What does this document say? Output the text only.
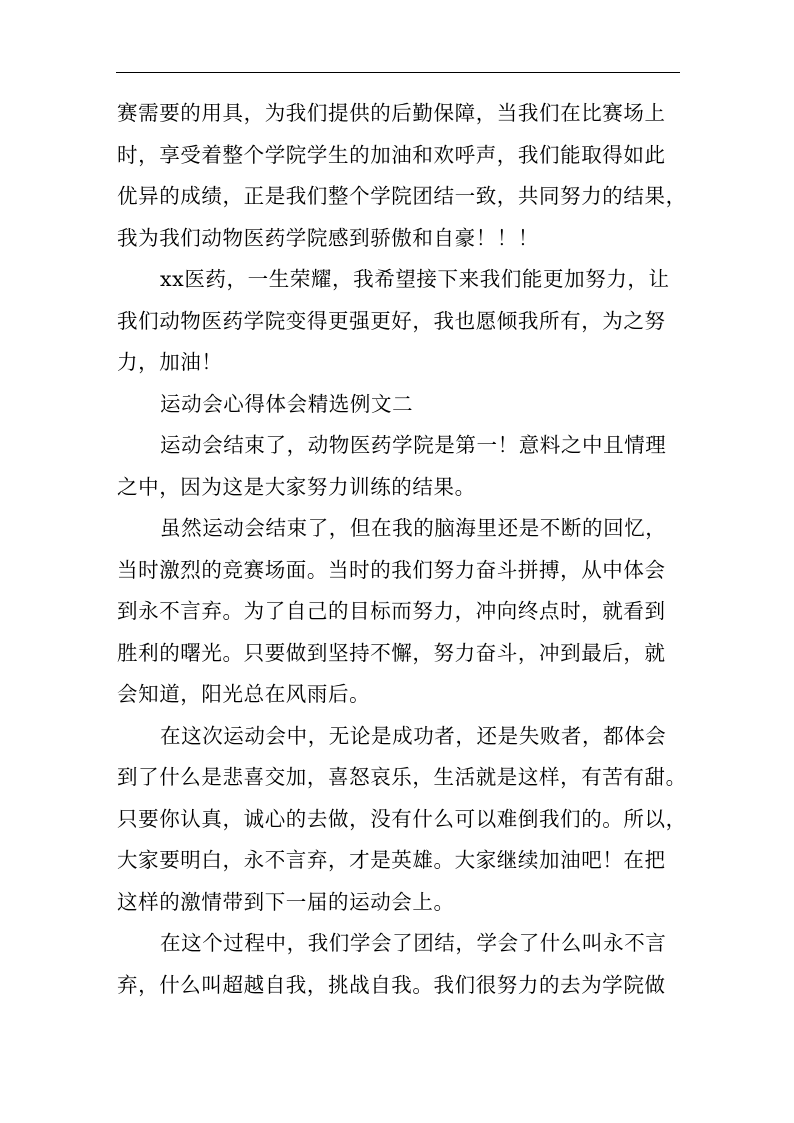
赛需要的用具，为我们提供的后勤保障，当我们在比赛场上
时，享受着整个学院学生的加油和欢呼声，我们能取得如此
优异的成绩，正是我们整个学院团结一致，共同努力的结果，
我为我们动物医药学院感到骄傲和自豪！！！
xx医药，一生荣耀，我希望接下来我们能更加努力，让
我们动物医药学院变得更强更好，我也愿倾我所有，为之努
力，加油！
运动会心得体会精选例文二
运动会结束了，动物医药学院是第一！意料之中且情理
之中，因为这是大家努力训练的结果。
虽然运动会结束了，但在我的脑海里还是不断的回忆，
当时激烈的竞赛场面。当时的我们努力奋斗拼搏，从中体会
到永不言弃。为了自己的目标而努力，冲向终点时，就看到
胜利的曙光。只要做到坚持不懈，努力奋斗，冲到最后，就
会知道，阳光总在风雨后。
在这次运动会中，无论是成功者，还是失败者，都体会
到了什么是悲喜交加，喜怒哀乐，生活就是这样，有苦有甜。
只要你认真，诚心的去做，没有什么可以难倒我们的。所以，
大家要明白，永不言弃，才是英雄。大家继续加油吧！在把
这样的激情带到下一届的运动会上。
在这个过程中，我们学会了团结，学会了什么叫永不言
弃，什么叫超越自我，挑战自我。我们很努力的去为学院做
